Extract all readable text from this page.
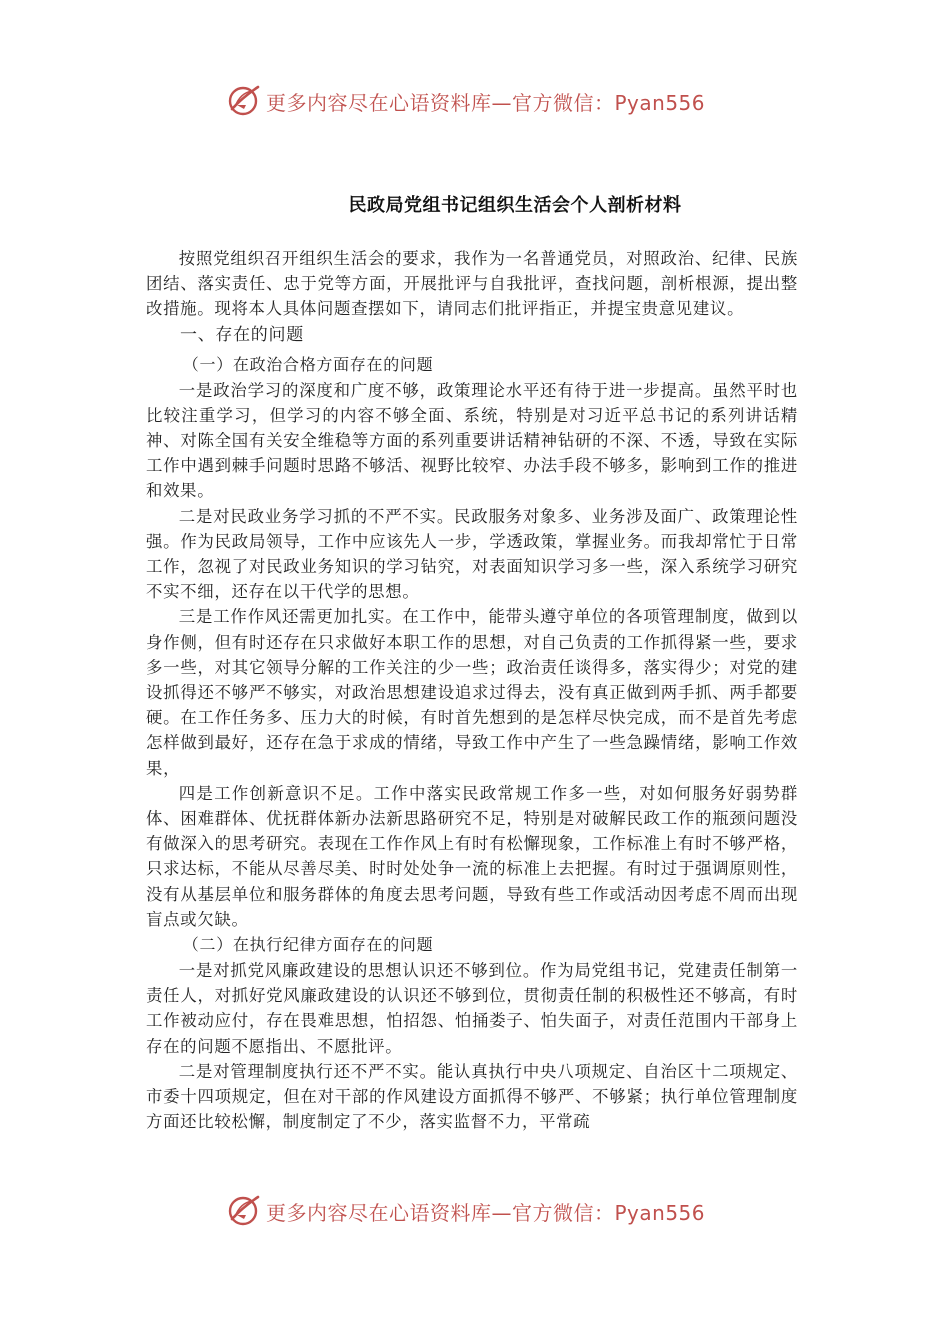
更多内容尽在心语资料库—官方微信：Pyan556
民政局党组书记组织生活会个人剖析材料

按照党组织召开组织生活会的要求，我作为一名普通党员，对照政治、纪律、民族团结、落实责任、忠于党等方面，开展批评与自我批评，查找问题，剖析根源，提出整改措施。现将本人具体问题查摆如下，请同志们批评指正，并提宝贵意见建议。

一、存在的问题
（一）在政治合格方面存在的问题

一是政治学习的深度和广度不够，政策理论水平还有待于进一步提高。虽然平时也比较注重学习，但学习的内容不够全面、系统，特别是对习近平总书记的系列讲话精神、对陈全国有关安全维稳等方面的系列重要讲话精神钻研的不深、不透，导致在实际工作中遇到棘手问题时思路不够活、视野比较窄、办法手段不够多，影响到工作的推进和效果。

二是对民政业务学习抓的不严不实。民政服务对象多、业务涉及面广、政策理论性强。作为民政局领导，工作中应该先人一步，学透政策，掌握业务。而我却常忙于日常工作，忽视了对民政业务知识的学习钻究，对表面知识学习多一些，深入系统学习研究不实不细，还存在以干代学的思想。

三是工作作风还需更加扎实。在工作中，能带头遵守单位的各项管理制度，做到以身作侧，但有时还存在只求做好本职工作的思想，对自己负责的工作抓得紧一些，要求多一些，对其它领导分解的工作关注的少一些；政治责任谈得多，落实得少；对党的建设抓得还不够严不够实，对政治思想建设追求过得去，没有真正做到两手抓、两手都要硬。在工作任务多、压力大的时候，有时首先想到的是怎样尽快完成，而不是首先考虑怎样做到最好，还存在急于求成的情绪，导致工作中产生了一些急躁情绪，影响工作效果，

四是工作创新意识不足。工作中落实民政常规工作多一些，对如何服务好弱势群体、困难群体、优抚群体新办法新思路研究不足，特别是对破解民政工作的瓶颈问题没有做深入的思考研究。表现在工作作风上有时有松懈现象，工作标准上有时不够严格，只求达标，不能从尽善尽美、时时处处争一流的标准上去把握。有时过于强调原则性，没有从基层单位和服务群体的角度去思考问题，导致有些工作或活动因考虑不周而出现盲点或欠缺。

（二）在执行纪律方面存在的问题

一是对抓党风廉政建设的思想认识还不够到位。作为局党组书记，党建责任制第一责任人，对抓好党风廉政建设的认识还不够到位，贯彻责任制的积极性还不够高，有时工作被动应付，存在畏难思想，怕招怨、怕捅娄子、怕失面子，对责任范围内干部身上存在的问题不愿指出、不愿批评。

二是对管理制度执行还不严不实。能认真执行中央八项规定、自治区十二项规定、市委十四项规定，但在对干部的作风建设方面抓得不够严、不够紧；执行单位管理制度方面还比较松懈，制度制定了不少，落实监督不力，平常疏

更多内容尽在心语资料库—官方微信：Pyan556
